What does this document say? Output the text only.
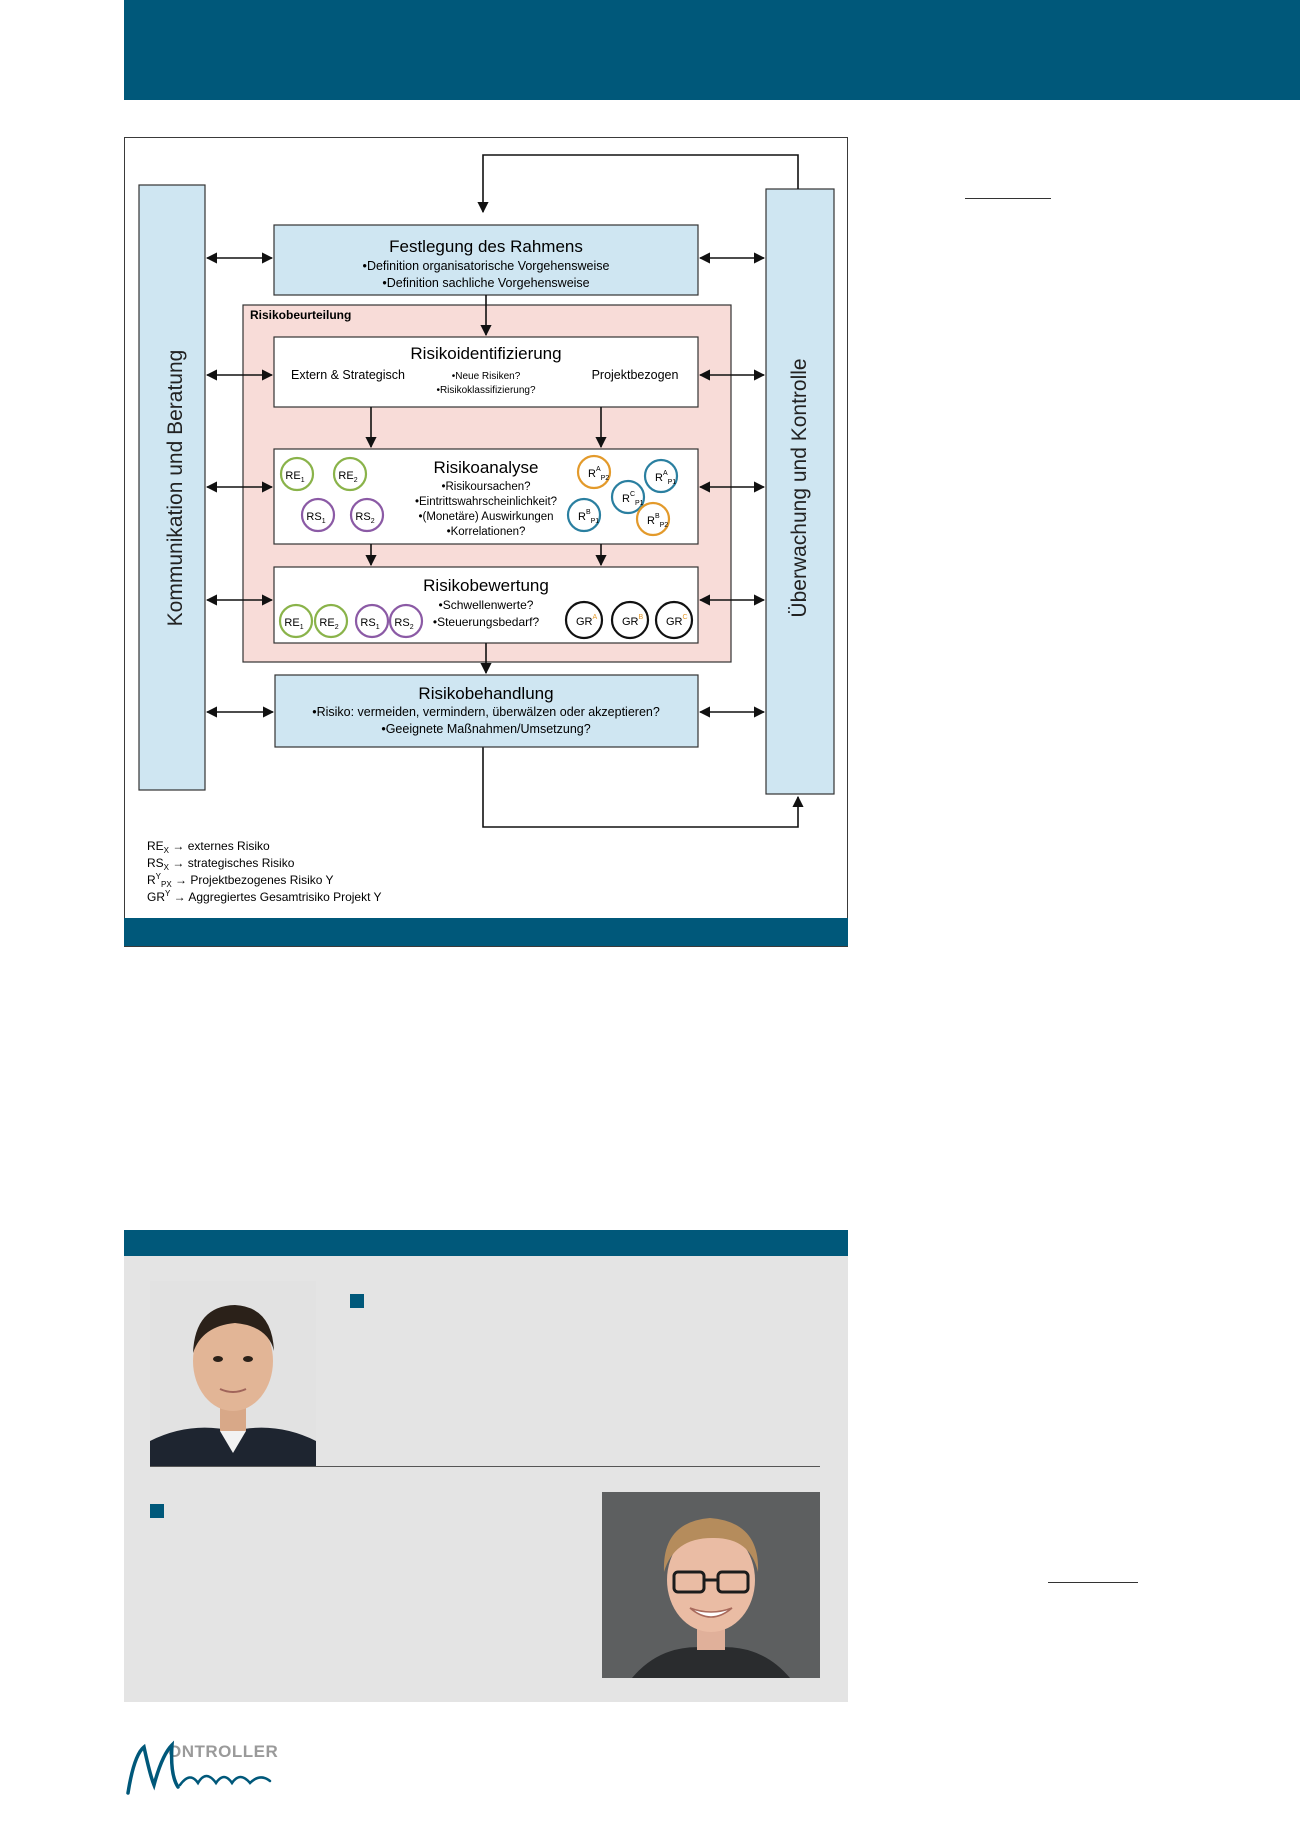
Kommunikation und Beratung	Überwachung und Kontrolle
Festlegung des Rahmens
•Definition organisatorische Vorgehensweise
•Definition sachliche Vorgehensweise
Risikobeurteilung
Risikoidentifizierung
Extern & Strategisch	Projektbezogen
•Neue Risiken?
•Risikoklassifizierung?
Risikoanalyse
•Risikoursachen?
•Eintrittswahrscheinlichkeit?
•(Monetäre) Auswirkungen
•Korrelationen?
$RE_1$	$RE_2$
$RS_1$	$RS_2$
$R^A_{P2}$	$R^A_{P1}$
$R^C_{P1}$
$R^B_{P1}$	$R^B_{P2}$
Risikobewertung
•Schwellenwerte?
•Steuerungsbedarf?
$RE_1$ $RE_2$ $RS_1$ $RS_2$	$GR^A$ $GR^B$ $GR^C$
Risikobehandlung
•Risiko: vermeiden, vermindern, überwälzen oder akzeptieren?
•Geeignete Maßnahmen/Umsetzung?
$RE_X$ → externes Risiko
$RS_X$ → strategisches Risiko
$R^Y_{PX}$ → Projektbezogenes Risiko Y
$GR^Y$ → Aggregiertes Gesamtrisiko Projekt Y
ONTROLLER
